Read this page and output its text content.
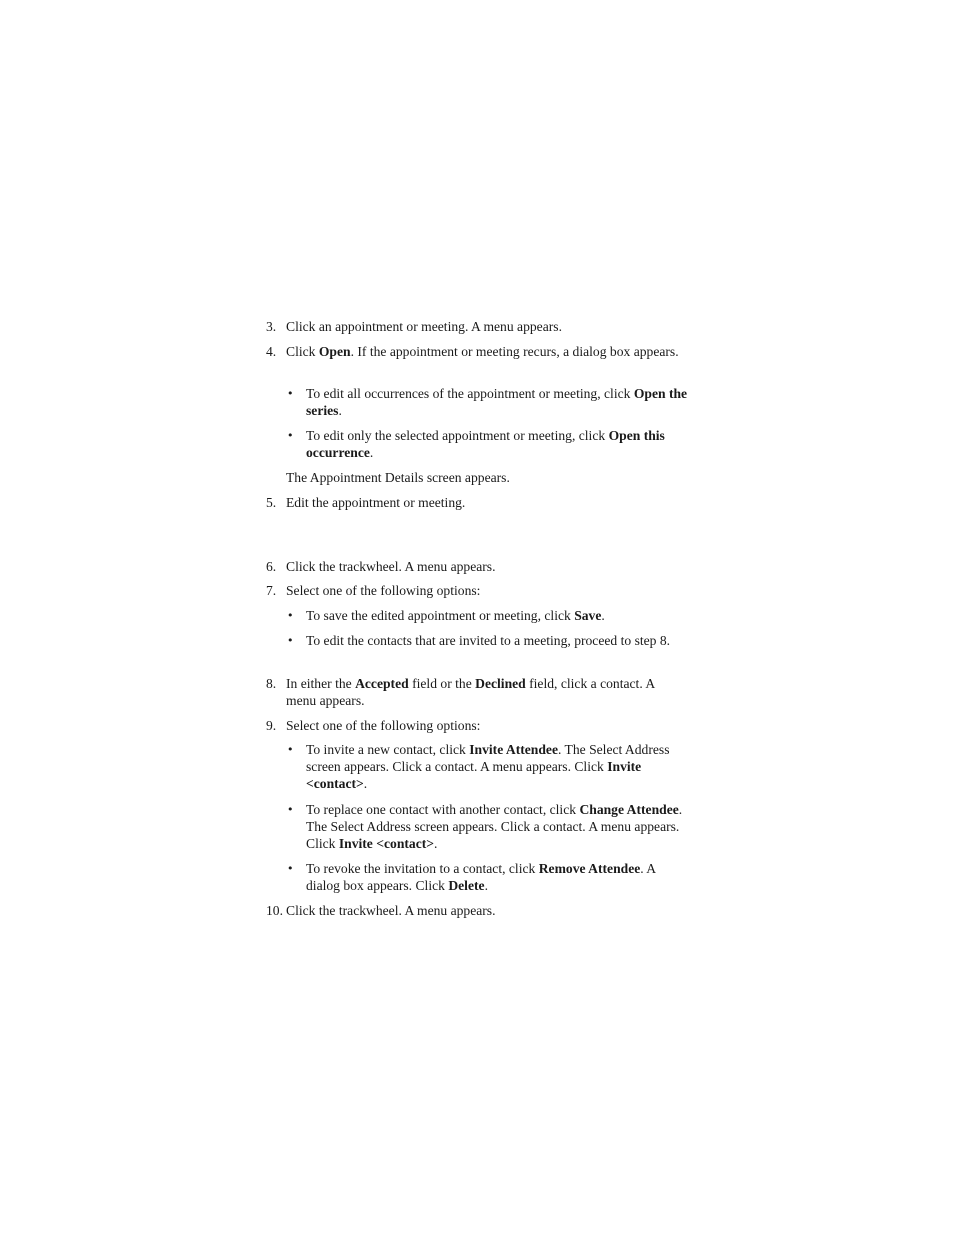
3. Click an appointment or meeting. A menu appears.
4. Click Open. If the appointment or meeting recurs, a dialog box appears.
• To edit all occurrences of the appointment or meeting, click Open the series.
• To edit only the selected appointment or meeting, click Open this occurrence.
The Appointment Details screen appears.
5. Edit the appointment or meeting.
6. Click the trackwheel. A menu appears.
7. Select one of the following options:
• To save the edited appointment or meeting, click Save.
• To edit the contacts that are invited to a meeting, proceed to step 8.
8. In either the Accepted field or the Declined field, click a contact. A menu appears.
9. Select one of the following options:
• To invite a new contact, click Invite Attendee. The Select Address screen appears. Click a contact. A menu appears. Click Invite <contact>.
• To replace one contact with another contact, click Change Attendee. The Select Address screen appears. Click a contact. A menu appears. Click Invite <contact>.
• To revoke the invitation to a contact, click Remove Attendee. A dialog box appears. Click Delete.
10. Click the trackwheel. A menu appears.
